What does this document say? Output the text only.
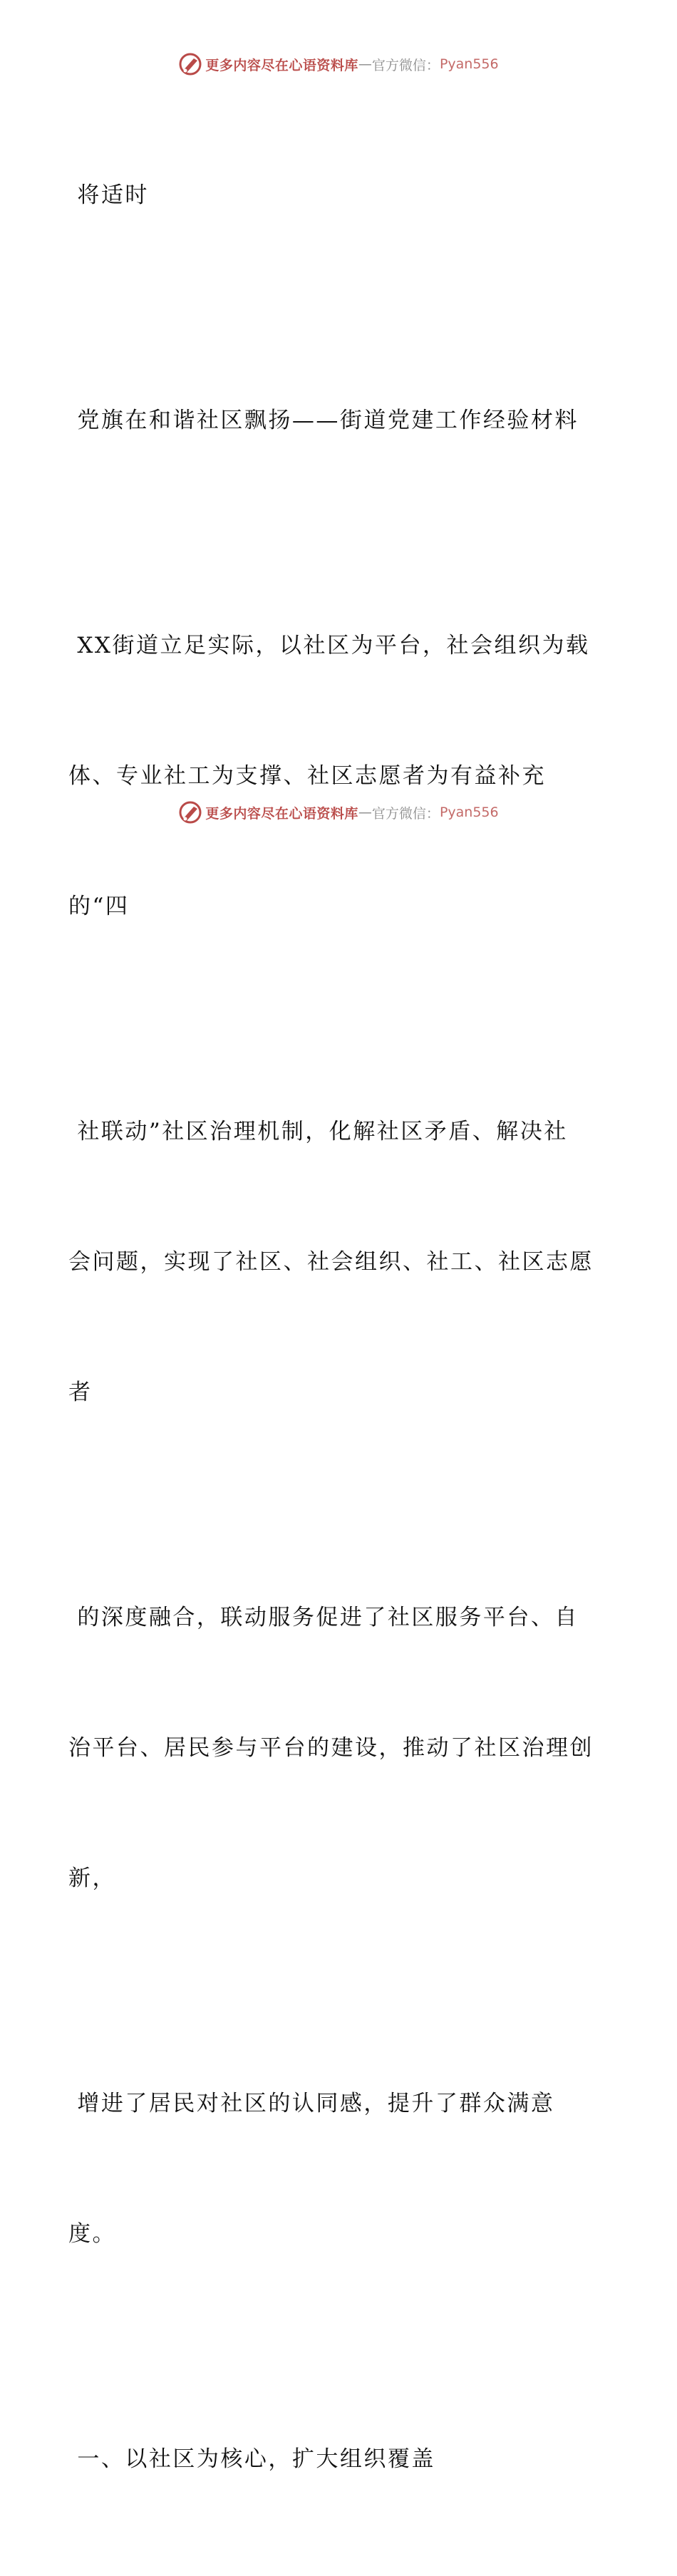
更多内容尽在心语资料库 — 官方微信： Pyan556

将适时

党旗在和谐社区飘扬——街道党建工作经验材料

XX街道立足实际，以社区为平台，社会组织为载

体、专业社工为支撑、社区志愿者为有益补充

的“四

社联动”社区治理机制，化解社区矛盾、解决社

会问题，实现了社区、社会组织、社工、社区志愿

者

的深度融合，联动服务促进了社区服务平台、自

治平台、居民参与平台的建设，推动了社区治理创

新，

增进了居民对社区的认同感，提升了群众满意

度。

一、以社区为核心，扩大组织覆盖

更多内容尽在心语资料库 — 官方微信： Pyan556
